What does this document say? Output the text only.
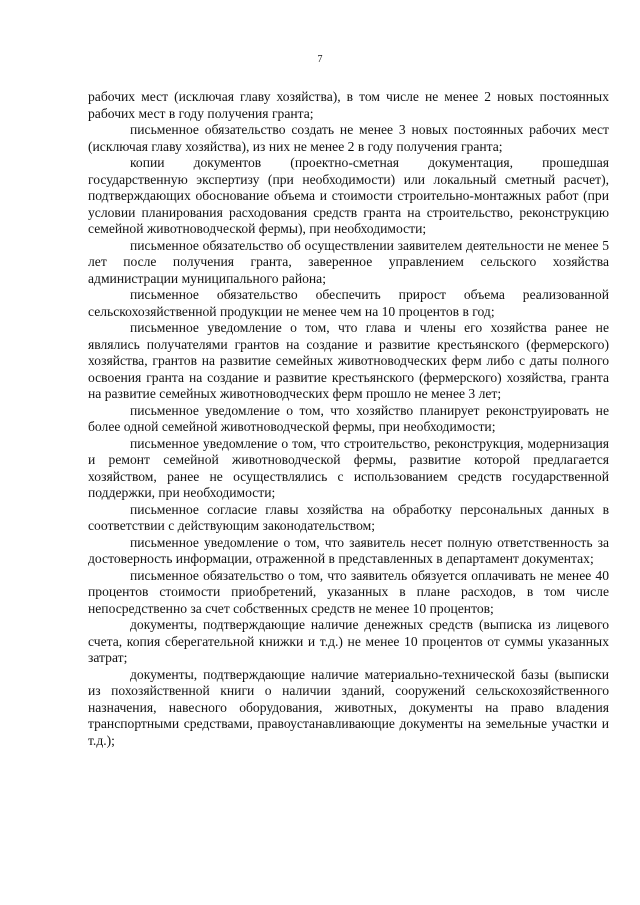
7

рабочих мест (исключая главу хозяйства), в том числе не менее 2 новых постоянных рабочих мест в году получения гранта;

письменное обязательство создать не менее 3 новых постоянных рабочих мест (исключая главу хозяйства), из них не менее 2 в году получения гранта;

копии документов (проектно-сметная документация, прошедшая государственную экспертизу (при необходимости) или локальный сметный расчет), подтверждающих обоснование объема и стоимости строительно-монтажных работ (при условии планирования расходования средств гранта на строительство, реконструкцию семейной животноводческой фермы), при необходимости;

письменное обязательство об осуществлении заявителем деятельности не менее 5 лет после получения гранта, заверенное управлением сельского хозяйства администрации муниципального района;

письменное обязательство обеспечить прирост объема реализованной сельскохозяйственной продукции не менее чем на 10 процентов в год;

письменное уведомление о том, что глава и члены его хозяйства ранее не являлись получателями грантов на создание и развитие крестьянского (фермерского) хозяйства, грантов на развитие семейных животноводческих ферм либо с даты полного освоения гранта на создание и развитие крестьянского (фермерского) хозяйства, гранта на развитие семейных животноводческих ферм прошло не менее 3 лет;

письменное уведомление о том, что хозяйство планирует реконструировать не более одной семейной животноводческой фермы, при необходимости;

письменное уведомление о том, что строительство, реконструкция, модернизация и ремонт семейной животноводческой фермы, развитие которой предлагается хозяйством, ранее не осуществлялись с использованием средств государственной поддержки, при необходимости;

письменное согласие главы хозяйства на обработку персональных данных в соответствии с действующим законодательством;

письменное уведомление о том, что заявитель несет полную ответственность за достоверность информации, отраженной в представленных в департамент документах;

письменное обязательство о том, что заявитель обязуется оплачивать не менее 40 процентов стоимости приобретений, указанных в плане расходов, в том числе непосредственно за счет собственных средств не менее 10 процентов;

документы, подтверждающие наличие денежных средств (выписка из лицевого счета, копия сберегательной книжки и т.д.) не менее 10 процентов от суммы указанных затрат;

документы, подтверждающие наличие материально-технической базы (выписки из похозяйственной книги о наличии зданий, сооружений сельскохозяйственного назначения, навесного оборудования, животных, документы на право владения транспортными средствами, правоустанавливающие документы на земельные участки и т.д.);
